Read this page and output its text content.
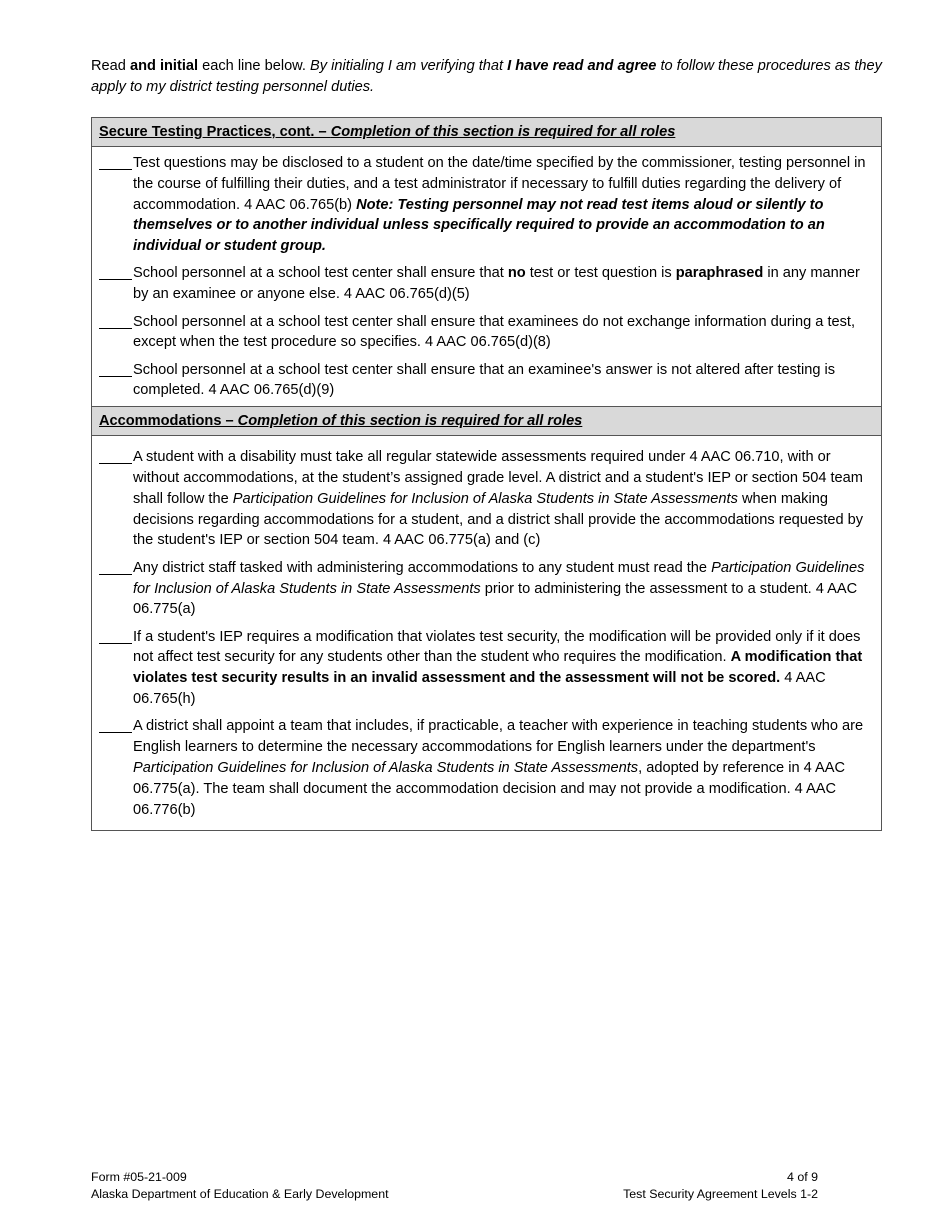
Read and initial each line below. By initialing I am verifying that I have read and agree to follow these procedures as they apply to my district testing personnel duties.
Secure Testing Practices, cont. – Completion of this section is required for all roles
Test questions may be disclosed to a student on the date/time specified by the commissioner, testing personnel in the course of fulfilling their duties, and a test administrator if necessary to fulfill duties regarding the delivery of accommodation. 4 AAC 06.765(b) Note: Testing personnel may not read test items aloud or silently to themselves or to another individual unless specifically required to provide an accommodation to an individual or student group.
School personnel at a school test center shall ensure that no test or test question is paraphrased in any manner by an examinee or anyone else. 4 AAC 06.765(d)(5)
School personnel at a school test center shall ensure that examinees do not exchange information during a test, except when the test procedure so specifies. 4 AAC 06.765(d)(8)
School personnel at a school test center shall ensure that an examinee's answer is not altered after testing is completed. 4 AAC 06.765(d)(9)
Accommodations – Completion of this section is required for all roles
A student with a disability must take all regular statewide assessments required under 4 AAC 06.710, with or without accommodations, at the student’s assigned grade level. A district and a student's IEP or section 504 team shall follow the Participation Guidelines for Inclusion of Alaska Students in State Assessments when making decisions regarding accommodations for a student, and a district shall provide the accommodations requested by the student's IEP or section 504 team. 4 AAC 06.775(a) and (c)
Any district staff tasked with administering accommodations to any student must read the Participation Guidelines for Inclusion of Alaska Students in State Assessments prior to administering the assessment to a student. 4 AAC 06.775(a)
If a student's IEP requires a modification that violates test security, the modification will be provided only if it does not affect test security for any students other than the student who requires the modification. A modification that violates test security results in an invalid assessment and the assessment will not be scored. 4 AAC 06.765(h)
A district shall appoint a team that includes, if practicable, a teacher with experience in teaching students who are English learners to determine the necessary accommodations for English learners under the department's Participation Guidelines for Inclusion of Alaska Students in State Assessments, adopted by reference in 4 AAC 06.775(a). The team shall document the accommodation decision and may not provide a modification. 4 AAC 06.776(b)
Form #05-21-009
Alaska Department of Education & Early Development
4 of 9
Test Security Agreement Levels 1-2
